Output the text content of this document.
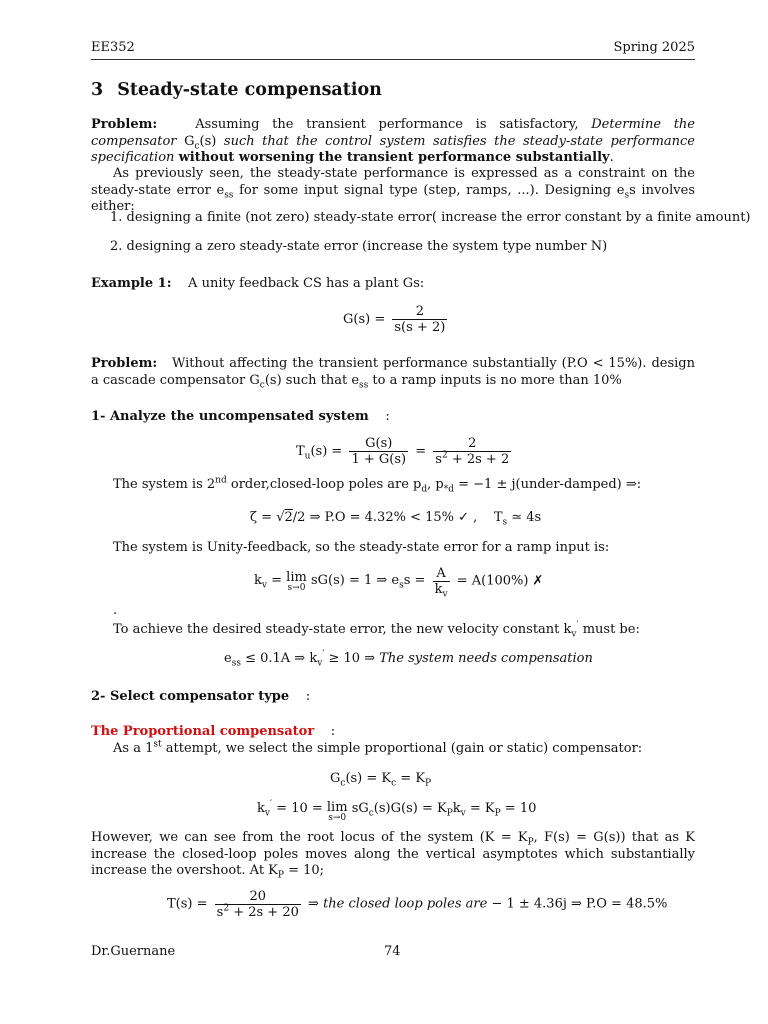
EE352	Spring 2025
3 Steady-state compensation
Problem:	Assuming the transient performance is satisfactory, Determine the compensator $G_c(s)$ such that the control system satisfies the steady-state performance specification without worsening the transient performance substantially.
As previously seen, the steady-state performance is expressed as a constraint on the steady-state error $e_{ss}$ for some input signal type (step, ramps, ...). Designing $e_ss$ involves either:
1. designing a finite (not zero) steady-state error( increase the error constant by a finite amount)
2. designing a zero steady-state error (increase the system type number N)
Example 1: A unity feedback CS has a plant Gs:
$G(s) = \frac{2}{s(s + 2)}$
Problem: Without affecting the transient performance substantially (P.O < 15%). design a cascade compensator $G_c(s)$ such that $e_{ss}$ to a ramp inputs is no more than 10%
1- Analyze the uncompensated system :
$T_u(s) = \frac{G(s)}{1 + G(s)} = \frac{2}{s^2 + 2s + 2}$
The system is 2nd order,closed-loop poles are $p_d$, $p_{*d} = -1$ ± j(under-damped) ⇒:
ζ = √2/2 ⇒ P.O = 4.32% < 15% ✓ , $T_s$ ≃ 4s
The system is Unity-feedback, so the steady-state error for a ramp input is:
$k_v = \lim$
s→0 sG(s) = 1 ⇒ $e_ss = \frac{A}{k_v} = A(100\%)$ ✗
.
To achieve the desired steady-state error, the new velocity constant $k_v'$ must be:
$e_{ss} \le 0.1A$ ⇒ $k_v' \ge 10$ ⇒ The system needs compensation
2- Select compensator type :
The Proportional compensator :
As a 1st attempt, we select the simple proportional (gain or static) compensator:
$G_c(s) = K_c = K_P$
$k_v' = 10 = \lim$
s→0
$sG_c(s)G(s) = K_Pk_v = K_P = 10$
However, we can see from the root locus of the system ($K = K_P$, F(s) = G(s)) that as K increase the closed-loop poles moves along the vertical asymptotes which substantially increase the overshoot. At $K_P = 10$;
$T(s) = \frac{20}{s^2 + 2s + 20}$ ⇒ the closed loop poles are − 1 ± 4.36j ⇒ P.O = 48.5%
Dr.Guernane	74
